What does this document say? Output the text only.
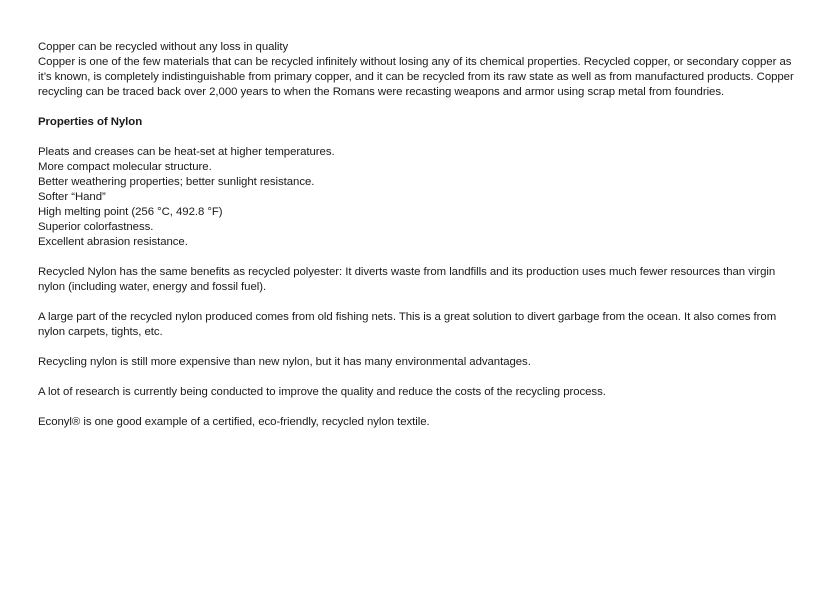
Copper can be recycled without any loss in quality
Copper is one of the few materials that can be recycled infinitely without losing any of its chemical properties. Recycled copper, or secondary copper as
it’s known, is completely indistinguishable from primary copper, and it can be recycled from its raw state as well as from manufactured products. Copper
recycling can be traced back over 2,000 years to when the Romans were recasting weapons and armor using scrap metal from foundries.
Properties of Nylon
Pleats and creases can be heat-set at higher temperatures.
More compact molecular structure.
Better weathering properties; better sunlight resistance.
Softer “Hand”
High melting point (256 °C, 492.8 °F)
Superior colorfastness.
Excellent abrasion resistance.

Recycled Nylon has the same benefits as recycled polyester: It diverts waste from landfills and its production uses much fewer resources than virgin
nylon (including water, energy and fossil fuel).

A large part of the recycled nylon produced comes from old fishing nets. This is a great solution to divert garbage from the ocean. It also comes from
nylon carpets, tights, etc.

Recycling nylon is still more expensive than new nylon, but it has many environmental advantages.

A lot of research is currently being conducted to improve the quality and reduce the costs of the recycling process.

Econyl® is one good example of a certified, eco-friendly, recycled nylon textile.
